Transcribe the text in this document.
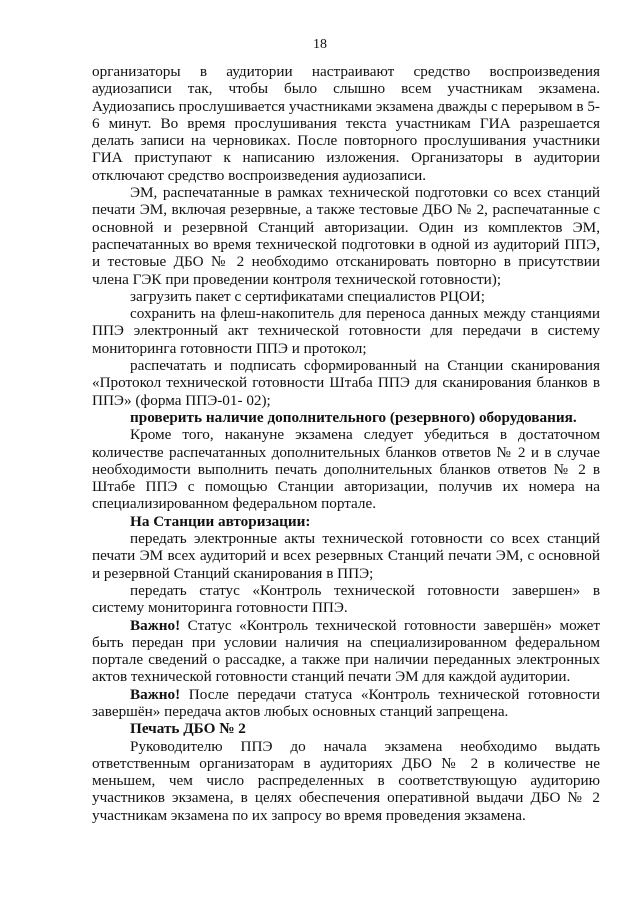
18

организаторы в аудитории настраивают средство воспроизведения аудиозаписи так, чтобы было слышно всем участникам экзамена. Аудиозапись прослушивается участниками экзамена дважды с перерывом в 5-6 минут. Во время прослушивания текста участникам ГИА разрешается делать записи на черновиках. После повторного прослушивания участники ГИА приступают к написанию изложения. Организаторы в аудитории отключают средство воспроизведения аудиозаписи.

ЭМ, распечатанные в рамках технической подготовки со всех станций печати ЭМ, включая резервные, а также тестовые ДБО № 2, распечатанные с основной и резервной Станций авторизации. Один из комплектов ЭМ, распечатанных во время технической подготовки в одной из аудиторий ППЭ, и тестовые ДБО № 2 необходимо отсканировать повторно в присутствии члена ГЭК при проведении контроля технической готовности);

загрузить пакет с сертификатами специалистов РЦОИ;

сохранить на флеш-накопитель для переноса данных между станциями ППЭ электронный акт технической готовности для передачи в систему мониторинга готовности ППЭ и протокол;

распечатать и подписать сформированный на Станции сканирования «Протокол технической готовности Штаба ППЭ для сканирования бланков в ППЭ» (форма ППЭ-01- 02);

проверить наличие дополнительного (резервного) оборудования.

Кроме того, накануне экзамена следует убедиться в достаточном количестве распечатанных дополнительных бланков ответов № 2 и в случае необходимости выполнить печать дополнительных бланков ответов № 2 в Штабе ППЭ с помощью Станции авторизации, получив их номера на специализированном федеральном портале.

На Станции авторизации:

передать электронные акты технической готовности со всех станций печати ЭМ всех аудиторий и всех резервных Станций печати ЭМ, с основной и резервной Станций сканирования в ППЭ;

передать статус «Контроль технической готовности завершен» в систему мониторинга готовности ППЭ.

Важно! Статус «Контроль технической готовности завершён» может быть передан при условии наличия на специализированном федеральном портале сведений о рассадке, а также при наличии переданных электронных актов технической готовности станций печати ЭМ для каждой аудитории.

Важно! После передачи статуса «Контроль технической готовности завершён» передача актов любых основных станций запрещена.

Печать ДБО № 2

Руководителю ППЭ до начала экзамена необходимо выдать ответственным организаторам в аудиториях ДБО № 2 в количестве не меньшем, чем число распределенных в соответствующую аудиторию участников экзамена, в целях обеспечения оперативной выдачи ДБО № 2 участникам экзамена по их запросу во время проведения экзамена.
